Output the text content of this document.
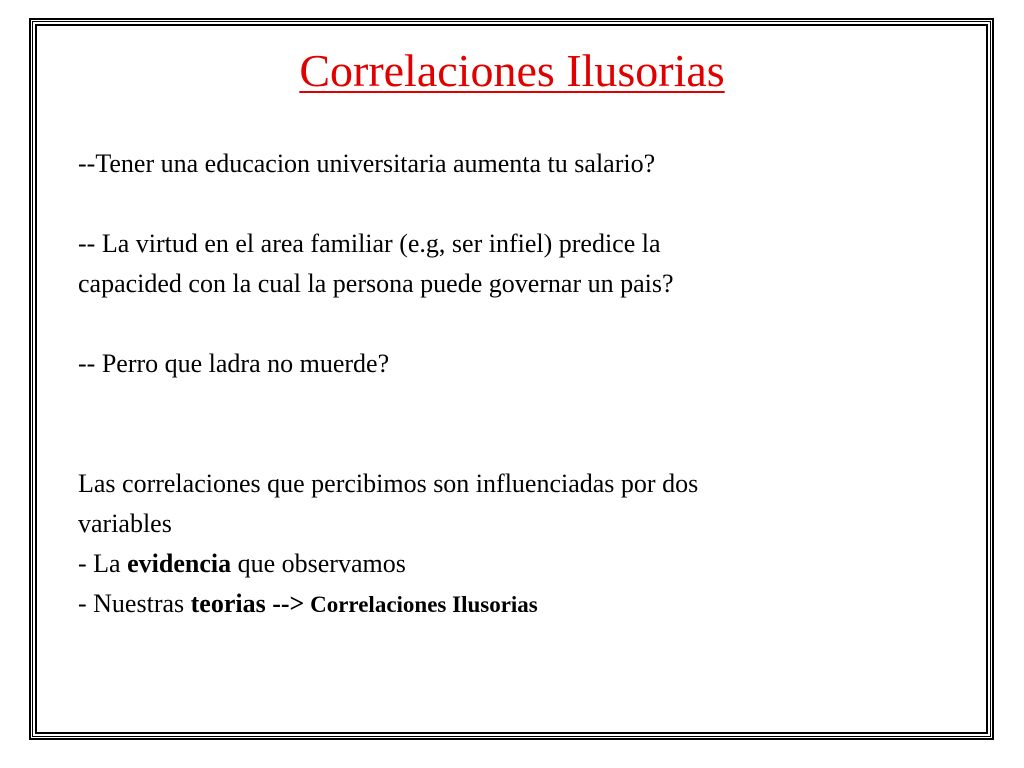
Correlaciones Ilusorias

--Tener una educacion universitaria aumenta tu salario?

-- La virtud en el area familiar (e.g, ser infiel) predice la

capacided con la cual la persona puede governar un pais?

-- Perro que ladra no muerde?

Las correlaciones que percibimos son influenciadas por dos

variables

- La evidencia que observamos

- Nuestras teorias --> Correlaciones Ilusorias
